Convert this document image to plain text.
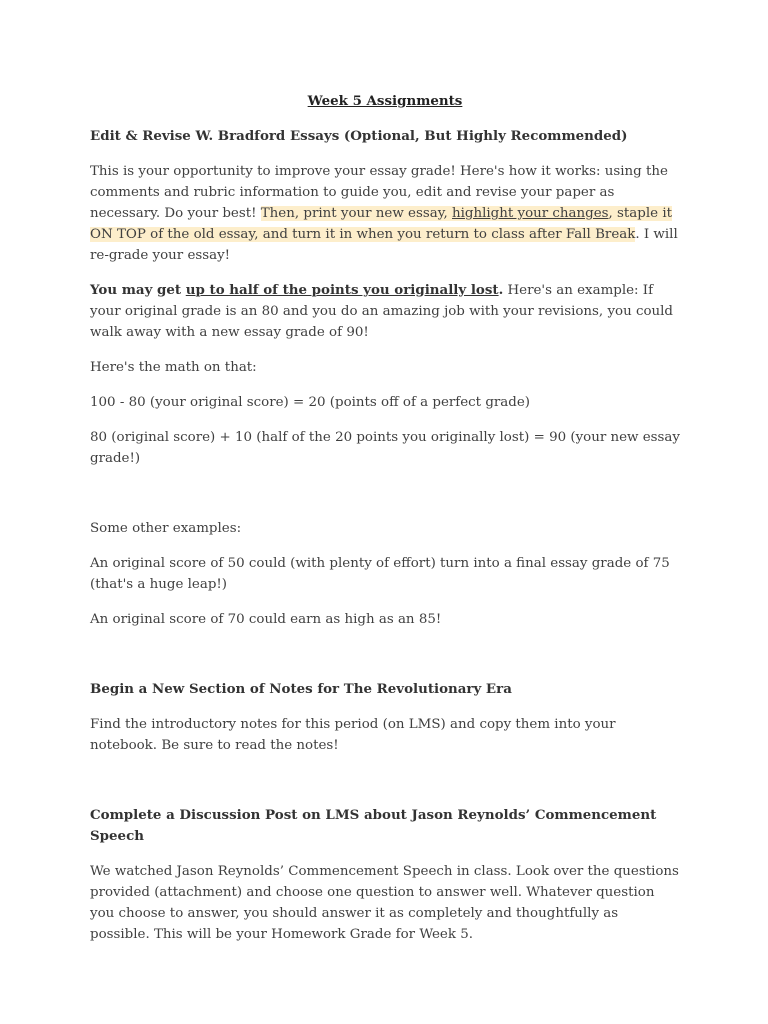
Week 5 Assignments

Edit & Revise W. Bradford Essays (Optional, But Highly Recommended)

This is your opportunity to improve your essay grade! Here's how it works: using the comments and rubric information to guide you, edit and revise your paper as necessary. Do your best! Then, print your new essay, highlight your changes, staple it ON TOP of the old essay, and turn it in when you return to class after Fall Break. I will re-grade your essay!

You may get up to half of the points you originally lost. Here's an example: If your original grade is an 80 and you do an amazing job with your revisions, you could walk away with a new essay grade of 90!

Here's the math on that:

100 - 80 (your original score) = 20 (points off of a perfect grade)

80 (original score) + 10 (half of the 20 points you originally lost) = 90 (your new essay grade!)

Some other examples:

An original score of 50 could (with plenty of effort) turn into a final essay grade of 75 (that's a huge leap!)

An original score of 70 could earn as high as an 85!

Begin a New Section of Notes for The Revolutionary Era

Find the introductory notes for this period (on LMS) and copy them into your notebook. Be sure to read the notes!

Complete a Discussion Post on LMS about Jason Reynolds’ Commencement Speech

We watched Jason Reynolds’ Commencement Speech in class. Look over the questions provided (attachment) and choose one question to answer well. Whatever question you choose to answer, you should answer it as completely and thoughtfully as possible. This will be your Homework Grade for Week 5.
